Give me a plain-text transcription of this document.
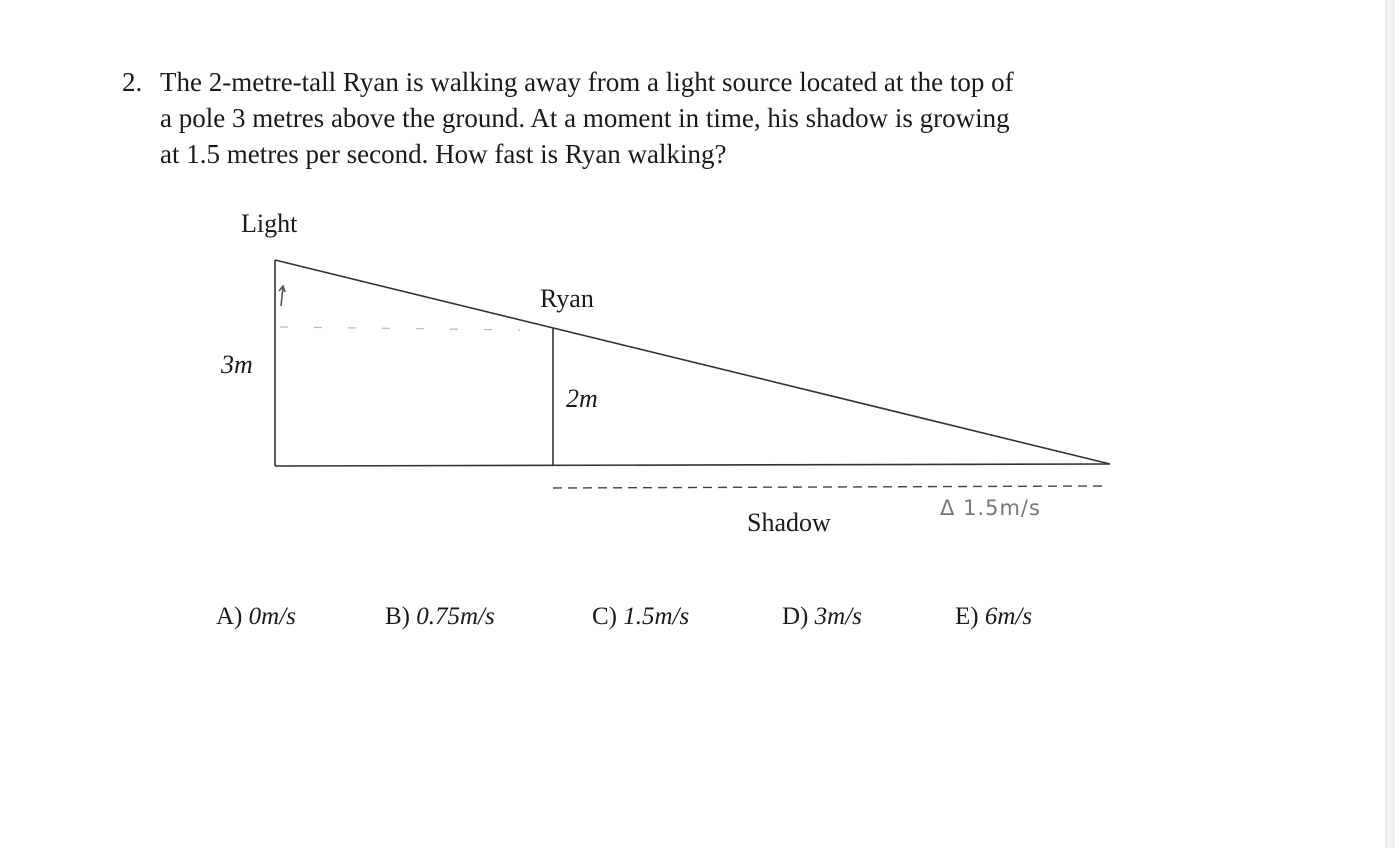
2. The 2-metre-tall Ryan is walking away from a light source located at the top of
a pole 3 metres above the ground. At a moment in time, his shadow is growing
at 1.5 metres per second. How fast is Ryan walking?
Light
Ryan
3m
2m
Shadow	Δ 1.5m/s
A) 0m/s	B) 0.75m/s	C) 1.5m/s	D) 3m/s	E) 6m/s
